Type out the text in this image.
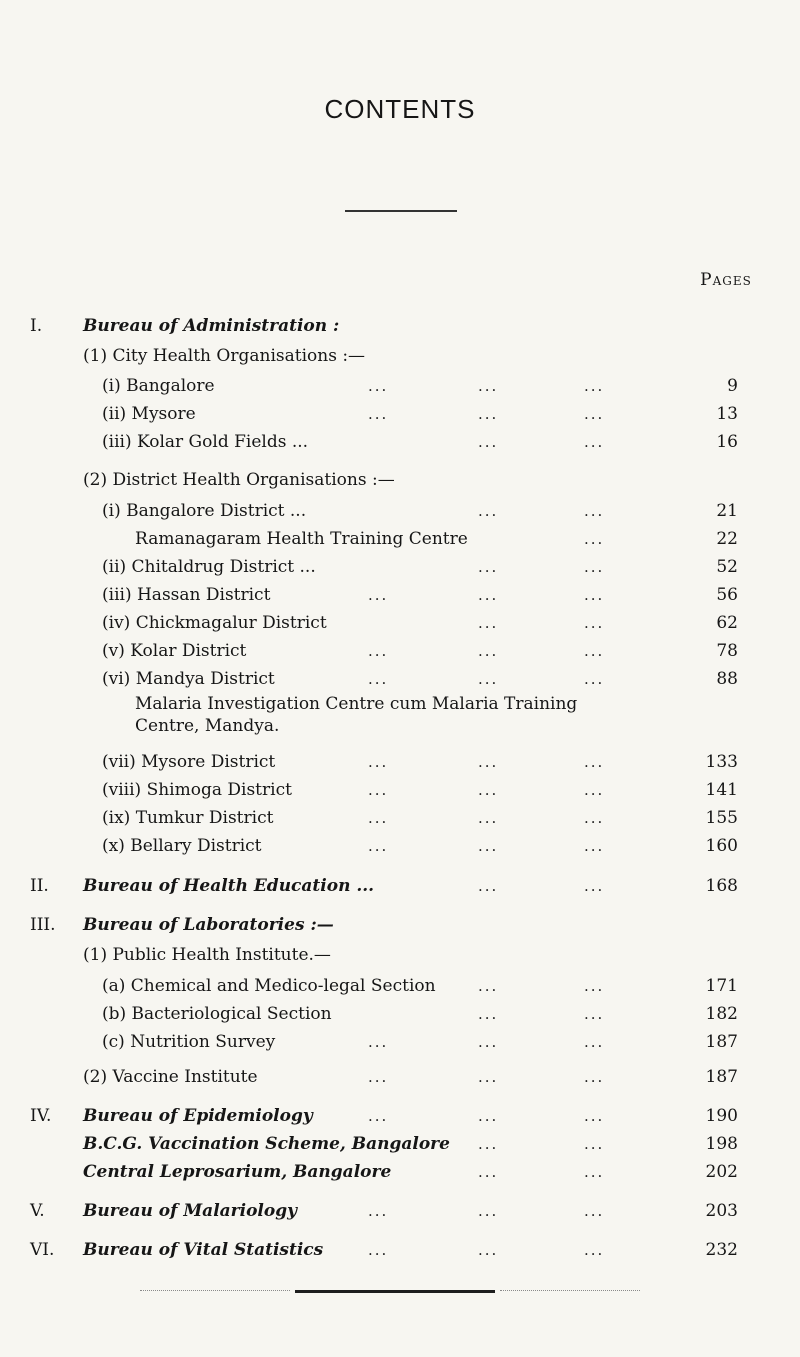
CONTENTS
Pages
I.	Bureau of Administration :
(1) City Health Organisations :—
(i) Bangalore	...	...	...	9
(ii) Mysore	...	...	...	13
(iii) Kolar Gold Fields ...	...	...	16
(2) District Health Organisations :—
(i) Bangalore District ...	...	...	21
Ramanagaram Health Training Centre	...	22
(ii) Chitaldrug District ...	...	...	52
(iii) Hassan District	...	...	...	56
(iv) Chickmagalur District	...	...	62
(v) Kolar District	...	...	...	78
(vi) Mandya District	...	...	...	88
Malaria Investigation Centre cum Malaria Training
Centre, Mandya.
(vii) Mysore District	...	...	...	133
(viii) Shimoga District	...	...	...	141
(ix) Tumkur District	...	...	...	155
(x) Bellary District	...	...	...	160
II.	Bureau of Health Education ...	...	...	168
III.	Bureau of Laboratories :—
(1) Public Health Institute.—
(a) Chemical and Medico-legal Section	...	...	171
(b) Bacteriological Section	...	...	182
(c) Nutrition Survey	...	...	...	187
(2) Vaccine Institute	...	...	...	187
IV.	Bureau of Epidemiology	...	...	...	190
B.C.G. Vaccination Scheme, Bangalore ...	...	198
Central Leprosarium, Bangalore	...	...	202
V.	Bureau of Malariology	...	...	...	203
VI.	Bureau of Vital Statistics	...	...	...	232
